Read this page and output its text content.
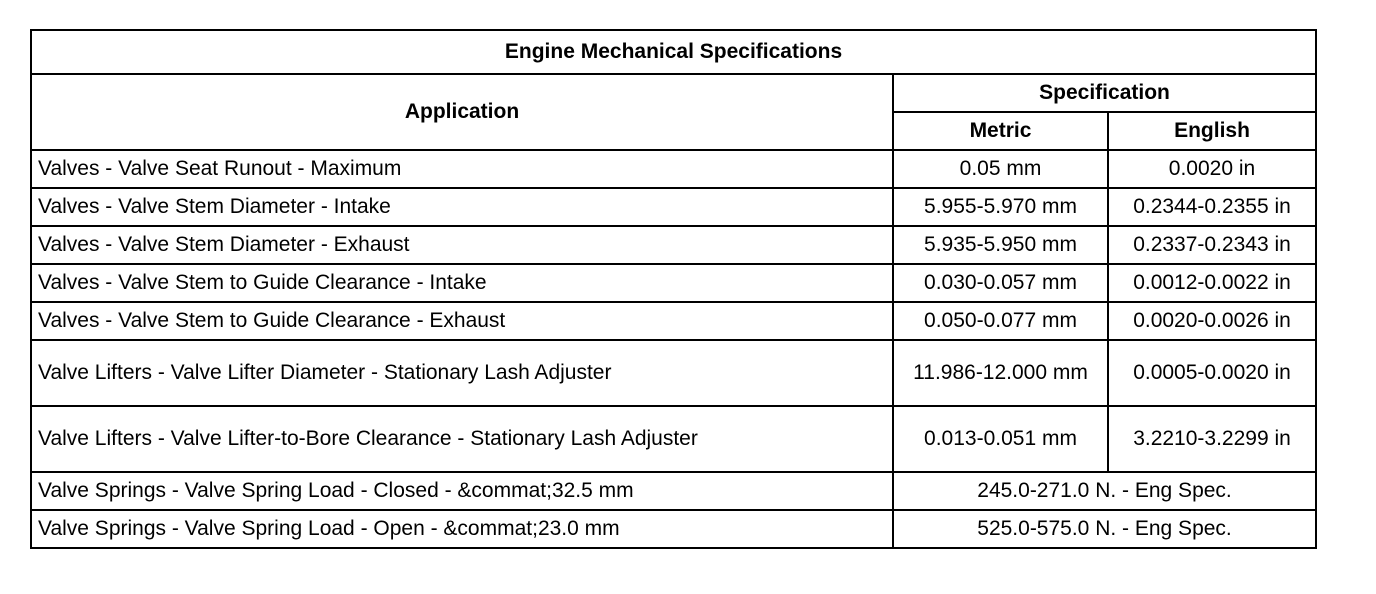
Engine Mechanical Specifications		
Application	Specification	
	Metric	English
Valves - Valve Seat Runout - Maximum	0.05 mm	0.0020 in
Valves - Valve Stem Diameter - Intake	5.955-5.970 mm	0.2344-0.2355 in
Valves - Valve Stem Diameter - Exhaust	5.935-5.950 mm	0.2337-0.2343 in
Valves - Valve Stem to Guide Clearance - Intake	0.030-0.057 mm	0.0012-0.0022 in
Valves - Valve Stem to Guide Clearance - Exhaust	0.050-0.077 mm	0.0020-0.0026 in
Valve Lifters - Valve Lifter Diameter - Stationary Lash Adjuster	11.986-12.000 mm	0.0005-0.0020 in
Valve Lifters - Valve Lifter-to-Bore Clearance - Stationary Lash Adjuster	0.013-0.051 mm	3.2210-3.2299 in
Valve Springs - Valve Spring Load - Closed - &commat;32.5 mm	245.0-271.0 N. - Eng Spec.	
Valve Springs - Valve Spring Load - Open - &commat;23.0 mm	525.0-575.0 N. - Eng Spec.	
